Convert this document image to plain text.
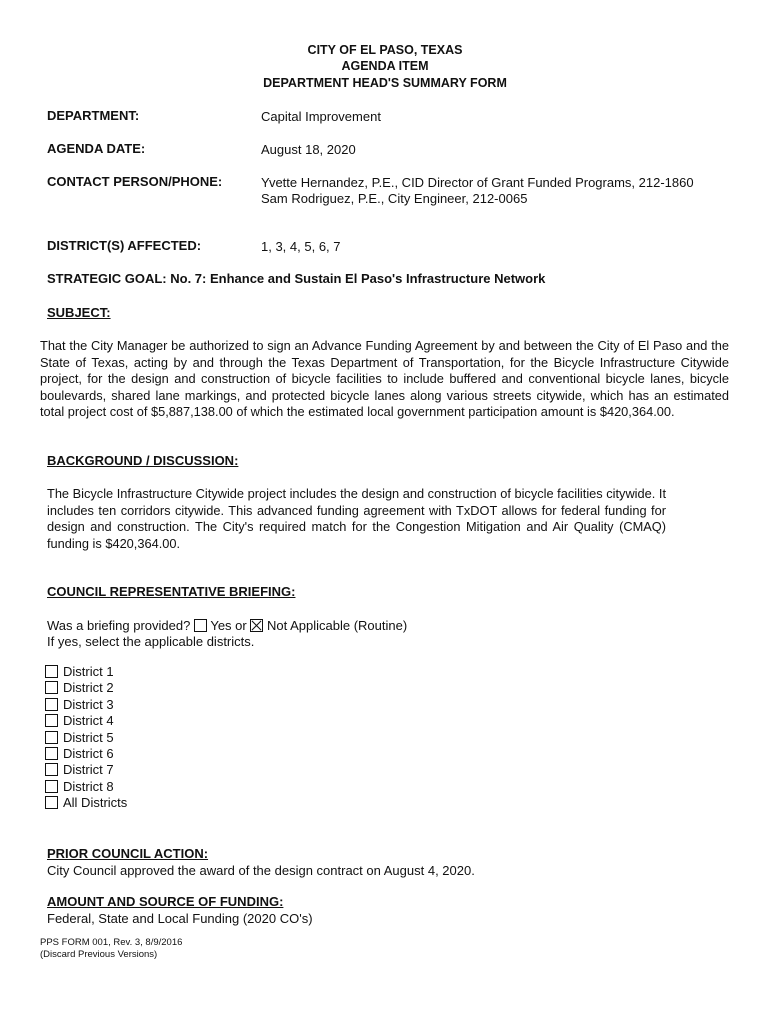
CITY OF EL PASO, TEXAS
AGENDA ITEM
DEPARTMENT HEAD'S SUMMARY FORM
DEPARTMENT:	Capital Improvement
AGENDA DATE:	August 18, 2020
CONTACT PERSON/PHONE:	Yvette Hernandez, P.E., CID Director of Grant Funded Programs, 212-1860
Sam Rodriguez, P.E., City Engineer, 212-0065
DISTRICT(S) AFFECTED:	1, 3, 4, 5, 6, 7
STRATEGIC GOAL: No. 7: Enhance and Sustain El Paso's Infrastructure Network
SUBJECT:
That the City Manager be authorized to sign an Advance Funding Agreement by and between the City of El Paso and the State of Texas, acting by and through the Texas Department of Transportation, for the Bicycle Infrastructure Citywide project, for the design and construction of bicycle facilities to include buffered and conventional bicycle lanes, bicycle boulevards, shared lane markings, and protected bicycle lanes along various streets citywide, which has an estimated total project cost of $5,887,138.00 of which the estimated local government participation amount is $420,364.00.
BACKGROUND / DISCUSSION:
The Bicycle Infrastructure Citywide project includes the design and construction of bicycle facilities citywide. It includes ten corridors citywide. This advanced funding agreement with TxDOT allows for federal funding for design and construction. The City's required match for the Congestion Mitigation and Air Quality (CMAQ) funding is $420,364.00.
COUNCIL REPRESENTATIVE BRIEFING:
Was a briefing provided? Yes or Not Applicable (Routine)
If yes, select the applicable districts.
District 1
District 2
District 3
District 4
District 5
District 6
District 7
District 8
All Districts
PRIOR COUNCIL ACTION:
City Council approved the award of the design contract on August 4, 2020.
AMOUNT AND SOURCE OF FUNDING:
Federal, State and Local Funding (2020 CO's)
PPS FORM 001, Rev. 3, 8/9/2016
(Discard Previous Versions)
